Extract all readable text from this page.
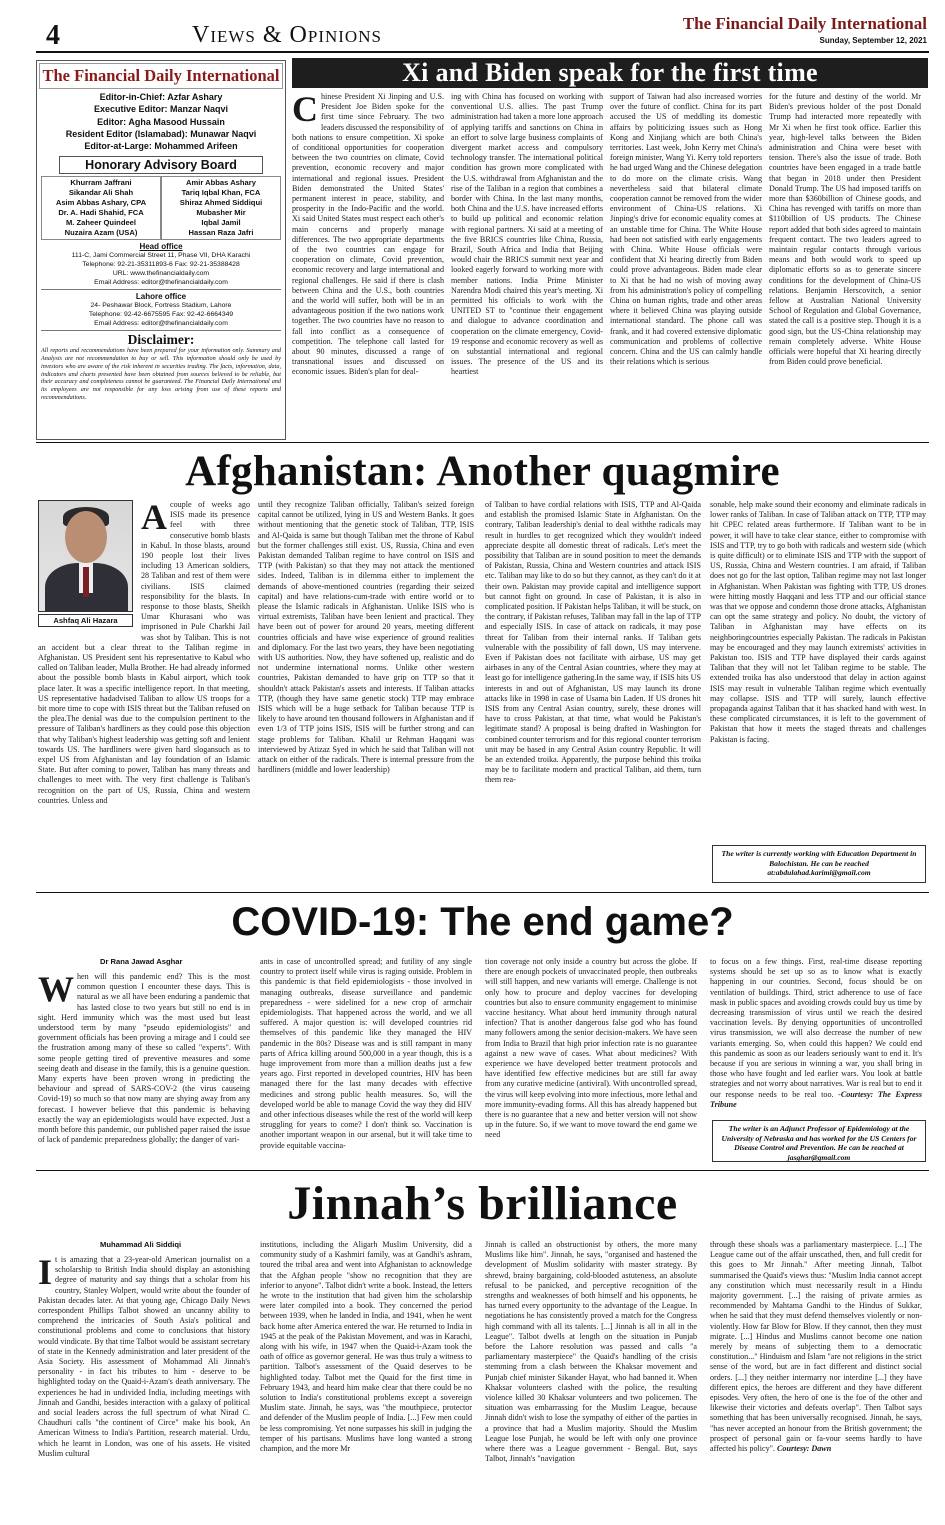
4	Views & Opinions	The Financial Daily International
Sunday, September 12, 2021
The Financial Daily International
Editor-in-Chief: Azfar Ashary
Executive Editor: Manzar Naqvi
Editor: Agha Masood Hussain
Resident Editor (Islamabad): Munawar Naqvi
Editor-at-Large: Mohammed Arifeen
Honorary Advisory Board
Khurram Jaffrani
Sikandar Ali Shah
Asim Abbas Ashary, CPA
Dr. A. Hadi Shahid, FCA
M. Zaheer Quindeel
Nuzaira Azam (USA)
Amir Abbas Ashary
Tariq Iqbal Khan, FCA
Shiraz Ahmed Siddiqui
Mubasher Mir
Iqbal Jamil
Hassan Raza Jafri
Head office
111-C, Jami Commercial Street 11, Phase VII, DHA Karachi
Telephone: 92-21-35311893-6 Fax: 92-21-35388428
URL: www.thefinancialdaily.com
Email Address: editor@thefinancialdaily.com
Lahore office
24- Peshawar Block, Fortress Stadium, Lahore
Telephone: 92-42-6675595 Fax: 92-42-6664349
Email Address: editor@thefinancialdaily.com
Disclaimer:
All reports and recommendations have been prepared for your information only. Summary and Analysis are not recommendation to buy or sell. This information should only be used by investors who are aware of the risk inherent in securities trading. The facts, information, data, indicators and charts presented have been obtained from sources believed to be reliable, but their accuracy and completeness cannot be guaranteed. The Financial Daily International and its employees are not responsible for any loss arising from use of these reports and recommendations.
Xi and Biden speak for the first time
Chinese President Xi Jinping and U.S. President Joe Biden spoke for the first time since February. The two leaders discussed the responsibility of both nations to ensure competition. Xi spoke of conditional opportunities for cooperation between the two countries on climate, Covid prevention, economic recovery and major international and regional issues. President Biden demonstrated the United States' permanent interest in peace, stability, and prosperity in the Indo-Pacific and the world. Xi said United States must respect each other's main concerns and properly manage differences. The two appropriate departments of the two countries can engage for cooperation on climate, Covid prevention, economic recovery and large international and regional challenges. He said if there is clash between China and the U.S., both countries and the world will suffer, both will be in an advantageous position if the two nations work together. The two countries have no reason to fall into conflict as a consequence of competition. The telephone call lasted for about 90 minutes, discussed a range of transnational issues and discussed on economic issues. Biden's plan for deal-
ing with China has focused on working with conventional U.S. allies. The past Trump administration had taken a more lone approach of applying tariffs and sanctions on China in an effort to solve large business complaints of divergent market access and compulsory technology transfer. The international political condition has grown more complicated with the U.S. withdrawal from Afghanistan and the rise of the Taliban in a region that combines a border with China. In the last many months, both China and the U.S. have increased efforts to build up political and economic relation with regional partners. Xi said at a meeting of the five BRICS countries like China, Russia, Brazil, South Africa and India that Beijing would chair the BRICS summit next year and looked eagerly forward to working more with member nations. India Prime Minister Narendra Modi chaired this year's meeting. Xi permitted his officials to work with the UNITED ST to "continue their engagement and dialogue to advance coordination and cooperation on the climate emergency, Covid-19 response and economic recovery as well as on substantial international and regional issues. The presence of the US and its heartiest
support of Taiwan had also increased worries over the future of conflict. China for its part accused the US of meddling its domestic affairs by politicizing issues such as Hong Kong and Xinjiang which are both China's territories. Last week, John Kerry met China's foreign minister, Wang Yi. Kerry told reporters he had urged Wang and the Chinese delegation to do more on the climate crisis. Wang nevertheless said that bilateral climate cooperation cannot be removed from the wider environment of China-US relations. Xi Jinping's drive for economic equality comes at an unstable time for China. The White House had been not satisfied with early engagements with China. White House officials were confident that Xi hearing directly from Biden could prove advantageous. Biden made clear to Xi that he had no wish of moving away from his administration's policy of compelling China on human rights, trade and other areas where it believed China was playing outside international standard. The phone call was frank, and it had covered extensive diplomatic communication and problems of collective concern. China and the US can calmly handle their relations which is serious
for the future and destiny of the world. Mr Biden's previous holder of the post Donald Trump had interacted more repeatedly with Mr Xi when he first took office. Earlier this year, high-level talks between the Biden administration and China were beset with tension. There's also the issue of trade. Both countries have been engaged in a trade battle that began in 2018 under then President Donald Trump. The US had imposed tariffs on more than $360billion of Chinese goods, and China has revenged with tariffs on more than $110billion of US products. The Chinese report added that both sides agreed to maintain frequent contact. The two leaders agreed to maintain regular contacts through various means and both would work to speed up diplomatic efforts so as to generate sincere conditions for the development of China-US relations. Benjamin Herscovitch, a senior fellow at Australian National University School of Regulation and Global Governance, stated the call is a positive step. Though it is a good sign, but the US-China relationship may remain completely adverse. White House officials were hopeful that Xi hearing directly from Biden could prove beneficial.
Afghanistan: Another quagmire
Acouple of weeks ago ISIS made its presence feel with three consecutive bomb blasts in Kabul. In those blasts, around 190 people lost their lives including 13 American soldiers, 28 Taliban and rest of them were civilians. ISIS claimed responsibility for the blasts. In response to those blasts, Sheikh Umar Khurasani who was imprisoned in Pule Charkhi Jail was shot by Taliban. This is not an accident but a clear threat to the Taliban regime in Afghanistan. US President sent his representative to Kabul who called on Taliban leader, Mulla Brother. He had already informed about the possible bomb blasts in Kabul airport, which took place later. It was a specific intelligence report. In that meeting, US representative hadadvised Taliban to allow US troops for a bit more time to cope with ISIS threat but the Taliban refused on the plea.The denial was due to the compulsion pertinent to the pressure of Taliban's hardliners as they could pose this objection that why Taliban's highest leadership was getting soft and lenient towards US. The hardliners were given hard slogansuch as to expel US from Afghanistan and lay foundation of an Islamic State. But after coming to power, Taliban has many threats and challenges to meet with. The very first challenge is Taliban's recognition on the part of US, Russia, China and western countries. Unless and
Ashfaq Ali Hazara
until they recognize Taliban officially, Taliban's seized foreign capital cannot be utilized, lying in US and Western Banks. It goes without mentioning that the genetic stock of Taliban, TTP, ISIS and Al-Qaida is same but though Taliban met the throne of Kabul but the former challenges still exist. US, Russia, China and even Pakistan demanded Taliban regime to have control on ISIS and TTP (with Pakistan) so that they may not attack the mentioned sides. Indeed, Taliban is in dilemma either to implement the demands of above-mentioned countries (regarding their seized capital) and have relations-cum-trade with entire world or to please the Islamic radicals in Afghanistan. Unlike ISIS who is virtual extremists, Taliban have been lenient and practical. They have been out of power for around 20 years, meeting different countries officials and have wise experience of ground realities and diplomacy. For the last two years, they have been negotiating with US authorities. Now, they have softened up, realistic and do not undermine international norms. Unlike other western countries, Pakistan demanded to have grip on TTP so that it shouldn't attack Pakistan's assets and interests. If Taliban attacks TTP, (though they have same genetic stock) TTP may embrace ISIS which will be a huge setback for Taliban because TTP is likely to have around ten thousand followers in Afghanistan and if even 1/3 of TTP joins ISIS, ISIS will be further strong and can stage problems for Taliban. Khalil ur Rehman Haqqani was interviewed by Atizaz Syed in which he said that Taliban will not attack on either of the radicals. There is internal pressure from the hardliners (middle and lower leadership)
of Taliban to have cordial relations with ISIS, TTP and Al-Qaida and establish the promised Islamic State in Afghanistan. On the contrary, Taliban leadership's denial to deal withthe radicals may result in hurdles to get recognized which they wouldn't indeed appreciate despite all domestic threat of radicals. Let's meet the possibility that Taliban are in sound position to meet the demands of Pakistan, Russia, China and Western countries and attack ISIS etc. Taliban may like to do so but they cannot, as they can't do it at their own. Pakistan may provide capital and intelligence support but cannot fight on ground. In case of Pakistan, it is also in complicated position. If Pakistan helps Taliban, it will be stuck, on the contrary, if Pakistan refuses, Taliban may fall in the lap of TTP and especially ISIS. In case of attack on radicals, it may pose threat for Taliban from their internal ranks. If Taliban gets vulnerable with the possibility of fall down, US may intervene. Even if Pakistan does not facilitate with airbase, US may get airbases in any of the Central Asian countries, where they may at least go for intelligence gathering.In the same way, if ISIS hits US interests in and out of Afghanistan, US may launch its drone attacks like in 1998 in case of Usama bin Laden. If US drones hit ISIS from any Central Asian country, surely, these drones will have to cross Pakistan, at that time, what would be Pakistan's legitimate stand? A proposal is being drafted in Washington for combined counter terrorism and for this regional counter terrorism unit may be based in any Central Asian country Republic. It will be an extended troika. Apparently, the purpose behind this troika may be to facilitate modern and practical Taliban, aid them, turn them rea-
sonable, help make sound their economy and eliminate radicals in lower ranks of Taliban. In case of Taliban attack on TTP, TTP may hit CPEC related areas furthermore. If Taliban want to be in power, it will have to take clear stance, either to compromise with ISIS and TTP, try to go both with radicals and western side (which is quite difficult) or to eliminate ISIS and TTP with the support of US, Russia, China and Western countries. I am afraid, if Taliban does not go for the last option, Taliban regime may not last longer in Afghanistan. When Pakistan was fighting with TTP, US drones were hitting mostly Haqqani and less TTP and our official stance was that we oppose and condemn those drone attacks, Afghanistan can opt the same strategy and policy. No doubt, the victory of Taliban in Afghanistan may have effects on its neighboringcountries especially Pakistan. The radicals in Pakistan may be encouraged and they may launch extremists' activities in Pakistan too. ISIS and TTP have displayed their cards against Taliban that they will not let Taliban regime to be stable. The extended troika has also understood that delay in action against ISIS may result in vulnerable Taliban regime which eventually may collapse. ISIS and TTP will surely, launch effective propaganda against Taliban that it has shacked hand with west. In these complicated circumstances, it is left to the government of Pakistan that how it meets the staged threats and challenges Pakistan is facing.
The writer is currently working with Education Department in Balochistan. He can be reached at:abdulahad.karimi@gmail.com
COVID-19: The end game?
Dr Rana Jawad Asghar
When will this pandemic end? This is the most common question I encounter these days. This is natural as we all have been enduring a pandemic that has lasted close to two years but still no end is in sight. Herd immunity which was the most used but least understood term by many "pseudo epidemiologists" and government officials has been proving a mirage and I could see the frustration among many of these so called "experts". With some people getting tired of preventive measures and some seeing death and disease in the family, this is a genuine question. Many experts have been proven wrong in predicting the behaviour and spread of SARS-COV-2 (the virus causeing Covid-19) so much so that now many are shying away from any forecast. I however believe that this pandemic is behaving exactly the way an epidemiologists would have expected. Just a month before this pandemic, our published paper raised the issue of lack of pandemic preparedness globally; the danger of vari-
ants in case of uncontrolled spread; and futility of any single country to protect itself while virus is raging outside. Problem in this pandemic is that field epidemiologists - those involved in managing outbreaks, disease surveillance and pandemic preparedness - were sidelined for a new crop of armchair epidemiologists. That happened across the world, and we all suffered. A major question is: will developed countries rid themselves of this pandemic like they managed the HIV pandemic in the 80s? Disease was and is still rampant in many parts of Africa killing around 500,000 in a year though, this is a huge improvement from more than a million deaths just a few years ago. First reported in developed countries, HIV has been managed there for the last many decades with effective medicines and strong public health measures. So, will the developed world be able to manage Covid the way they did HIV and other infectious diseases while the rest of the world will keep struggling for years to come? I don't think so. Vaccination is another important weapon in our arsenal, but it will take time to provide equitable vaccina-
tion coverage not only inside a country but across the globe. If there are enough pockets of unvaccinated people, then outbreaks will still happen, and new variants will emerge. Challenge is not only how to procure and deploy vaccines for developing countries but also to ensure community engagement to minimise vaccine hesitancy. What about herd immunity through natural infection? That is another dangerous false god who has found many followers among the senior decision-makers. We have seen from India to Brazil that high prior infection rate is no guarantee against a new wave of cases. What about medicines? With experience we have developed better treatment protocols and have identified few effective medicines but are still far away from any curative medicine (antiviral). With uncontrolled spread, the virus will keep evolving into more infectious, more lethal and more immunity-evading forms. All this has already happened but there is no guarantee that a new and better version will not show up in the future. So, if we want to move toward the end game we need
to focus on a few things. First, real-time disease reporting systems should be set up so as to know what is exactly happening in our countries. Second, focus should be on ventilation of buildings. Third, strict adherence to use of face mask in public spaces and avoiding crowds could buy us time by decreasing transmission of virus until we reach the desired vaccination levels. By denying opportunities of uncontrolled virus transmission, we will also decrease the number of new variants emerging. So, when could this happen? We could end this pandemic as soon as our leaders seriously want to end it. It's because if you are serious in winning a war, you shall bring in those who have fought and led earlier wars. You look at battle strategies and not worry about narratives. War is real but to end it our response needs to be real too. -Courtesy: The Express Tribune
The writer is an Adjunct Professor of Epidemiology at the University of Nebraska and has worked for the US Centers for Disease Control and Prevention. He can be reached at jasghar@gmail.com
Jinnah’s brilliance
Muhammad Ali Siddiqi
It is amazing that a 23-year-old American journalist on a scholarship to British India should display an astonishing degree of maturity and say things that a scholar from his country, Stanley Wolpert, would write about the founder of Pakistan decades later. At that young age, Chicago Daily News correspondent Phillips Talbot showed an uncanny ability to comprehend the intricacies of South Asia's political and constitutional problems and come to conclusions that history would vindicate. By that time Talbot would be assistant secretary of state in the Kennedy administration and later president of the Asia Society. His assessment of Mohammad Ali Jinnah's personality - in fact his tributes to him - deserve to be highlighted today on the Quaid-i-Azam's death anniversary. The experiences he had in undivided India, including meetings with Jinnah and Gandhi, besides interaction with a galaxy of political and social leaders across the full spectrum of what Nirad C. Chaudhuri calls "the continent of Circe" make his book, An American Witness to India's Partition, research material. Urdu, which he learnt in London, was one of his assets. He visited Muslim cultural
institutions, including the Aligarh Muslim University, did a community study of a Kashmiri family, was at Gandhi's ashram, toured the tribal area and went into Afghanistan to acknowledge that the Afghan people "show no recognition that they are inferior to anyone". Talbot didn't write a book. Instead, the letters he wrote to the institution that had given him the scholarship were later compiled into a book. They concerned the period between 1939, when he landed in India, and 1941, when he went back home after America entered the war. He returned to India in 1945 at the peak of the Pakistan Movement, and was in Karachi, along with his wife, in 1947 when the Quaid-i-Azam took the oath of office as governor general. He was thus truly a witness to partition. Talbot's assessment of the Quaid deserves to be highlighted today. Talbot met the Quaid for the first time in February 1943, and heard him make clear that there could be no solution to India's constitutional problems except a sovereign Muslim state. Jinnah, he says, was "the mouthpiece, protector and defender of the Muslim people of India. [...] Few men could be less compromising. Yet none surpasses his skill in judging the temper of his partisans. Muslims have long wanted a strong champion, and the more Mr
Jinnah is called an obstructionist by others, the more many Muslims like him". Jinnah, he says, "organised and hastened the development of Muslim solidarity with master strategy. By shrewd, brainy bargaining, cold-blooded astuteness, an absolute refusal to be panicked, and perceptive recognition of the strengths and weaknesses of both himself and his opponents, he has turned every opportunity to the advantage of the League. In negotiations he has consistently proved a match for the Congress high command with all its talents. [...] Jinnah is all in all in the League". Talbot dwells at length on the situation in Punjab before the Lahore resolution was passed and calls "a parliamentary masterpiece" the Quaid's handling of the crisis stemming from a clash between the Khaksar movement and Punjab chief minister Sikander Hayat, who had banned it. When Khaksar volunteers clashed with the police, the resulting violence killed 30 Khaksar volunteers and two policemen. The situation was embarrassing for the Muslim League, because Jinnah didn't wish to lose the sympathy of either of the parties in a province that had a Muslim majority. Should the Muslim League lose Punjab, he would be left with only one province where there was a League government - Bengal. But, says Talbot, Jinnah's "navigation
through these shoals was a parliamentary masterpiece. [...] The League came out of the affair unscathed, then, and full credit for this goes to Mr Jinnah." After meeting Jinnah, Talbot summarised the Quaid's views thus: "Muslim India cannot accept any constitution which must necessarily result in a Hindu majority government. [...] the raising of private armies as recommended by Mahtama Gandhi to the Hindus of Sukkar, when he said that they must defend themselves violently or non-violently. How far Blow for Blow. If they cannot, then they must migrate. [...] Hindus and Muslims cannot become one nation merely by means of subjecting them to a democratic constitution..." Hinduism and Islam "are not religions in the strict sense of the word, but are in fact different and distinct social orders. [...] they neither intermarry nor interdine [...] they have different epics, the heroes are different and they have different episodes. Very often, the hero of one is the foe of the other and likewise their victories and defeats overlap". Then Talbot says something that has been universally recognised. Jinnah, he says, "has never accepted an honour from the British government; the prospect of personal gain or fa-vour seems hardly to have affected his policy". Courtesy: Dawn
